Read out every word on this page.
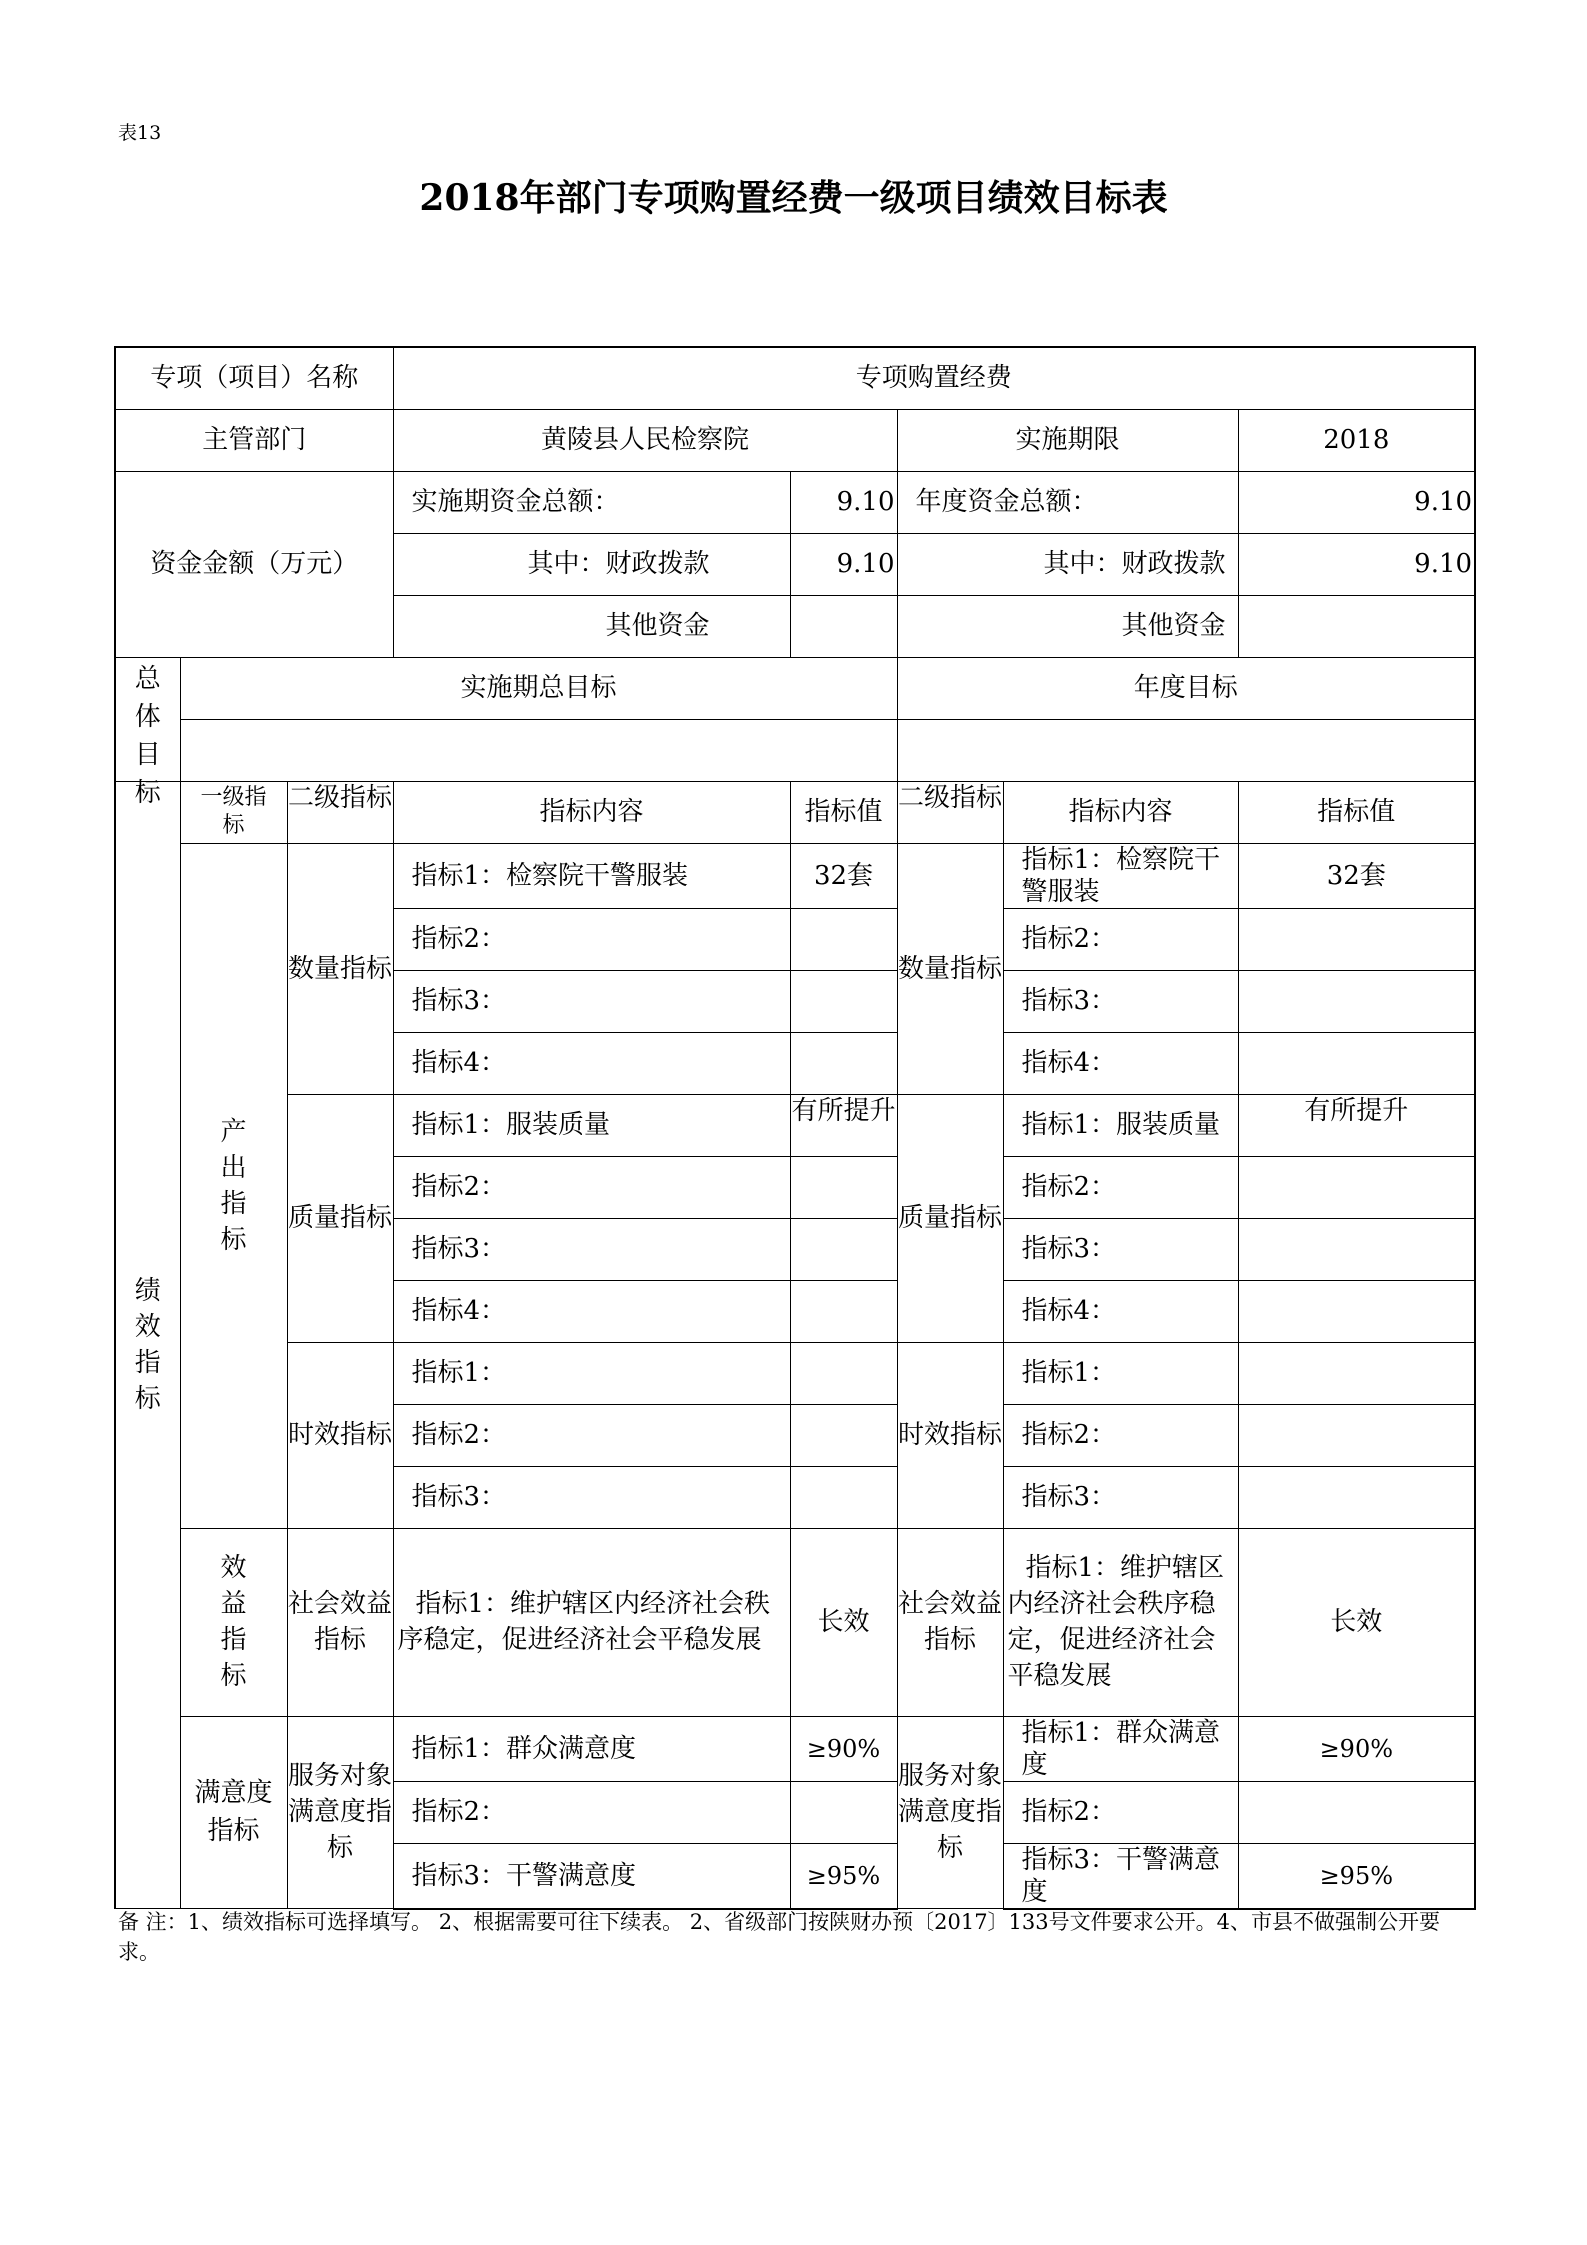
表13
2018年部门专项购置经费一级项目绩效目标表
专项（项目）名称			专项购置经费				
主管部门			黄陵县人民检察院		实施期限		2018
资金金额（万元）			实施期资金总额：	9.10	年度资金总额：		9.10
			其中：财政拨款	9.10	其中：财政拨款		9.10
			其他资金		其他资金		

总体目标	实施期总目标				年度目标		

绩效指标	一级指标	二级指标	指标内容	指标值	二级指标	指标内容	指标值

	产出指标	数量指标	指标1：检察院干警服装	32套	数量指标	指标1：检察院干警服装	32套
			指标2：			指标2：	
			指标3：			指标3：	
			指标4：			指标4：	

		质量指标	指标1：服装质量	有所提升	质量指标	指标1：服装质量	有所提升

			指标2：			指标2：	
			指标3：			指标3：	
			指标4：			指标4：	

		时效指标	指标1：		时效指标	指标1：	
			指标2：			指标2：	
			指标3：			指标3：	

	效益指标	社会效益指标	指标1：维护辖区内经济社会秩序稳定，促进经济社会平稳发展	长效	社会效益指标	指标1：维护辖区内经济社会秩序稳定，促进经济社会平稳发展	长效

	满意度指标	服务对象满意度指标	指标1：群众满意度	≥90%	服务对象满意度指标	指标1：群众满意度	≥90%
			指标2：			指标2：	
			指标3：干警满意度	≥95%		指标3：干警满意度	≥95%
备 注：1、绩效指标可选择填写。 2、根据需要可往下续表。 2、省级部门按陕财办预〔2017〕133号文件要求公开。4、市县不做强制公开要求。
